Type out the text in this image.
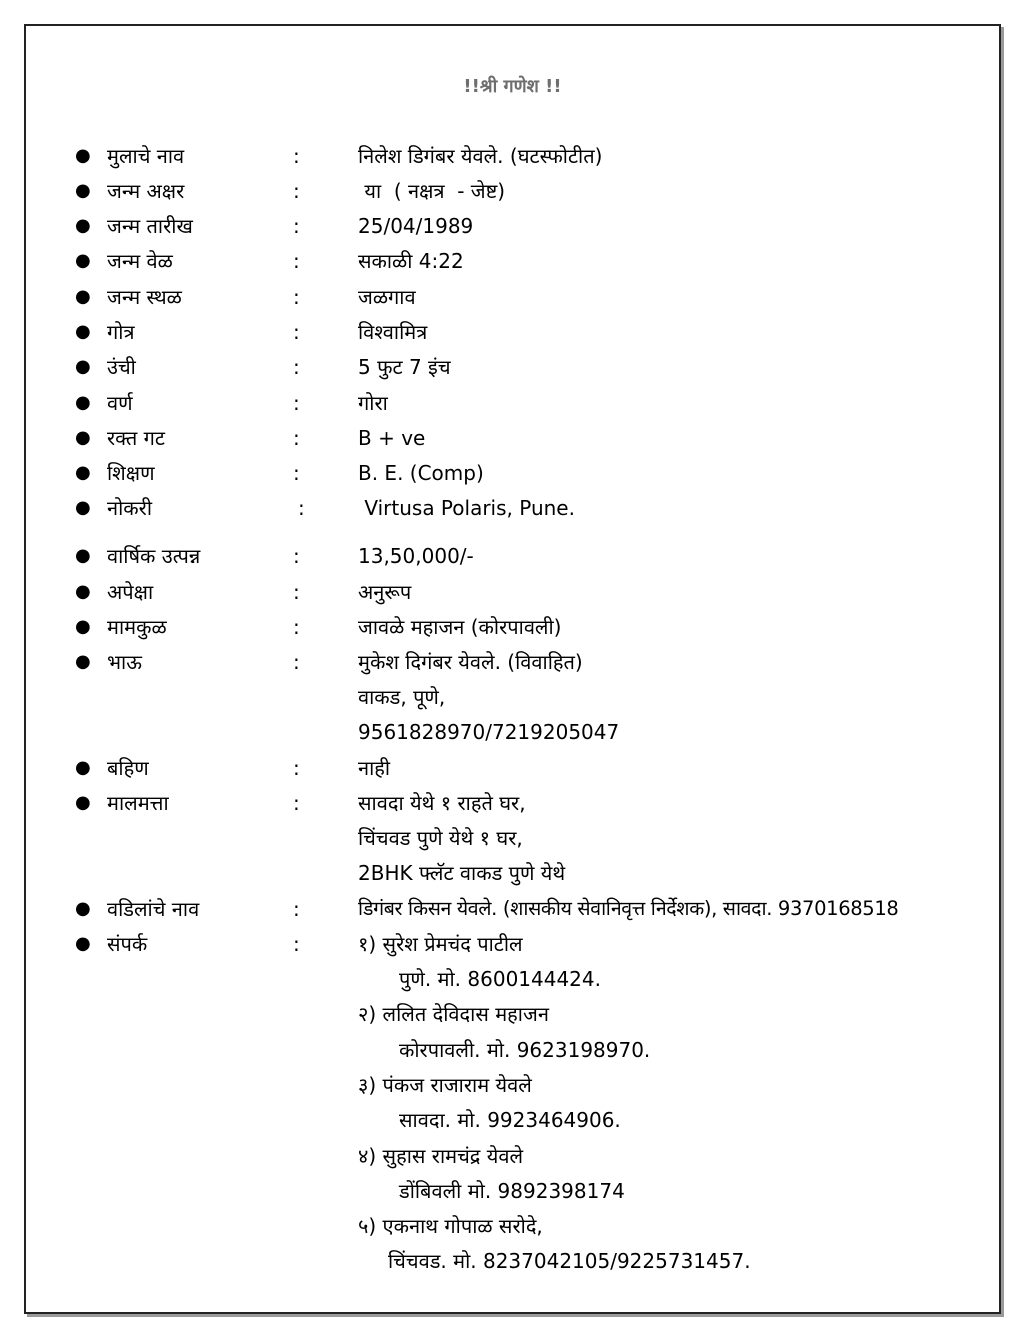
!!श्री गणेश !!
● मुलाचे नाव	:	निलेश डिगंबर येवले. (घटस्फोटीत)
● जन्म अक्षर	:	या  ( नक्षत्र  - जेष्ट)
● जन्म तारीख	:	25/04/1989
● जन्म वेळ	:	सकाळी 4:22
● जन्म स्थळ	:	जळगाव
● गोत्र	:	विश्वामित्र
● उंची	:	5 फुट 7 इंच
● वर्ण	:	गोरा
● रक्त गट	:	B + ve
● शिक्षण	:	B. E. (Comp)
● नोकरी	:	Virtusa Polaris, Pune.
● वार्षिक उत्पन्न	:	13,50,000/-
● अपेक्षा	:	अनुरूप
● मामकुळ	:	जावळे महाजन (कोरपावली)
● भाऊ	:	मुकेश दिगंबर येवले. (विवाहित)
वाकड, पूणे,
9561828970/7219205047
● बहिण	:	नाही
● मालमत्ता	:	सावदा येथे १ राहते घर,
चिंचवड पुणे येथे १ घर,
2BHK फ्लॅट वाकड पुणे येथे
● वडिलांचे नाव	:	डिगंबर किसन येवले. (शासकीय सेवानिवृत्त निर्देशक), सावदा. 9370168518
● संपर्क	:	१) सुरेश प्रेमचंद पाटील
पुणे. मो. 8600144424.
२) ललित देविदास महाजन
कोरपावली. मो. 9623198970.
३) पंकज राजाराम येवले
सावदा. मो. 9923464906.
४) सुहास रामचंद्र येवले
डोंबिवली मो. 9892398174
५) एकनाथ गोपाळ सरोदे,
चिंचवड. मो. 8237042105/9225731457.
